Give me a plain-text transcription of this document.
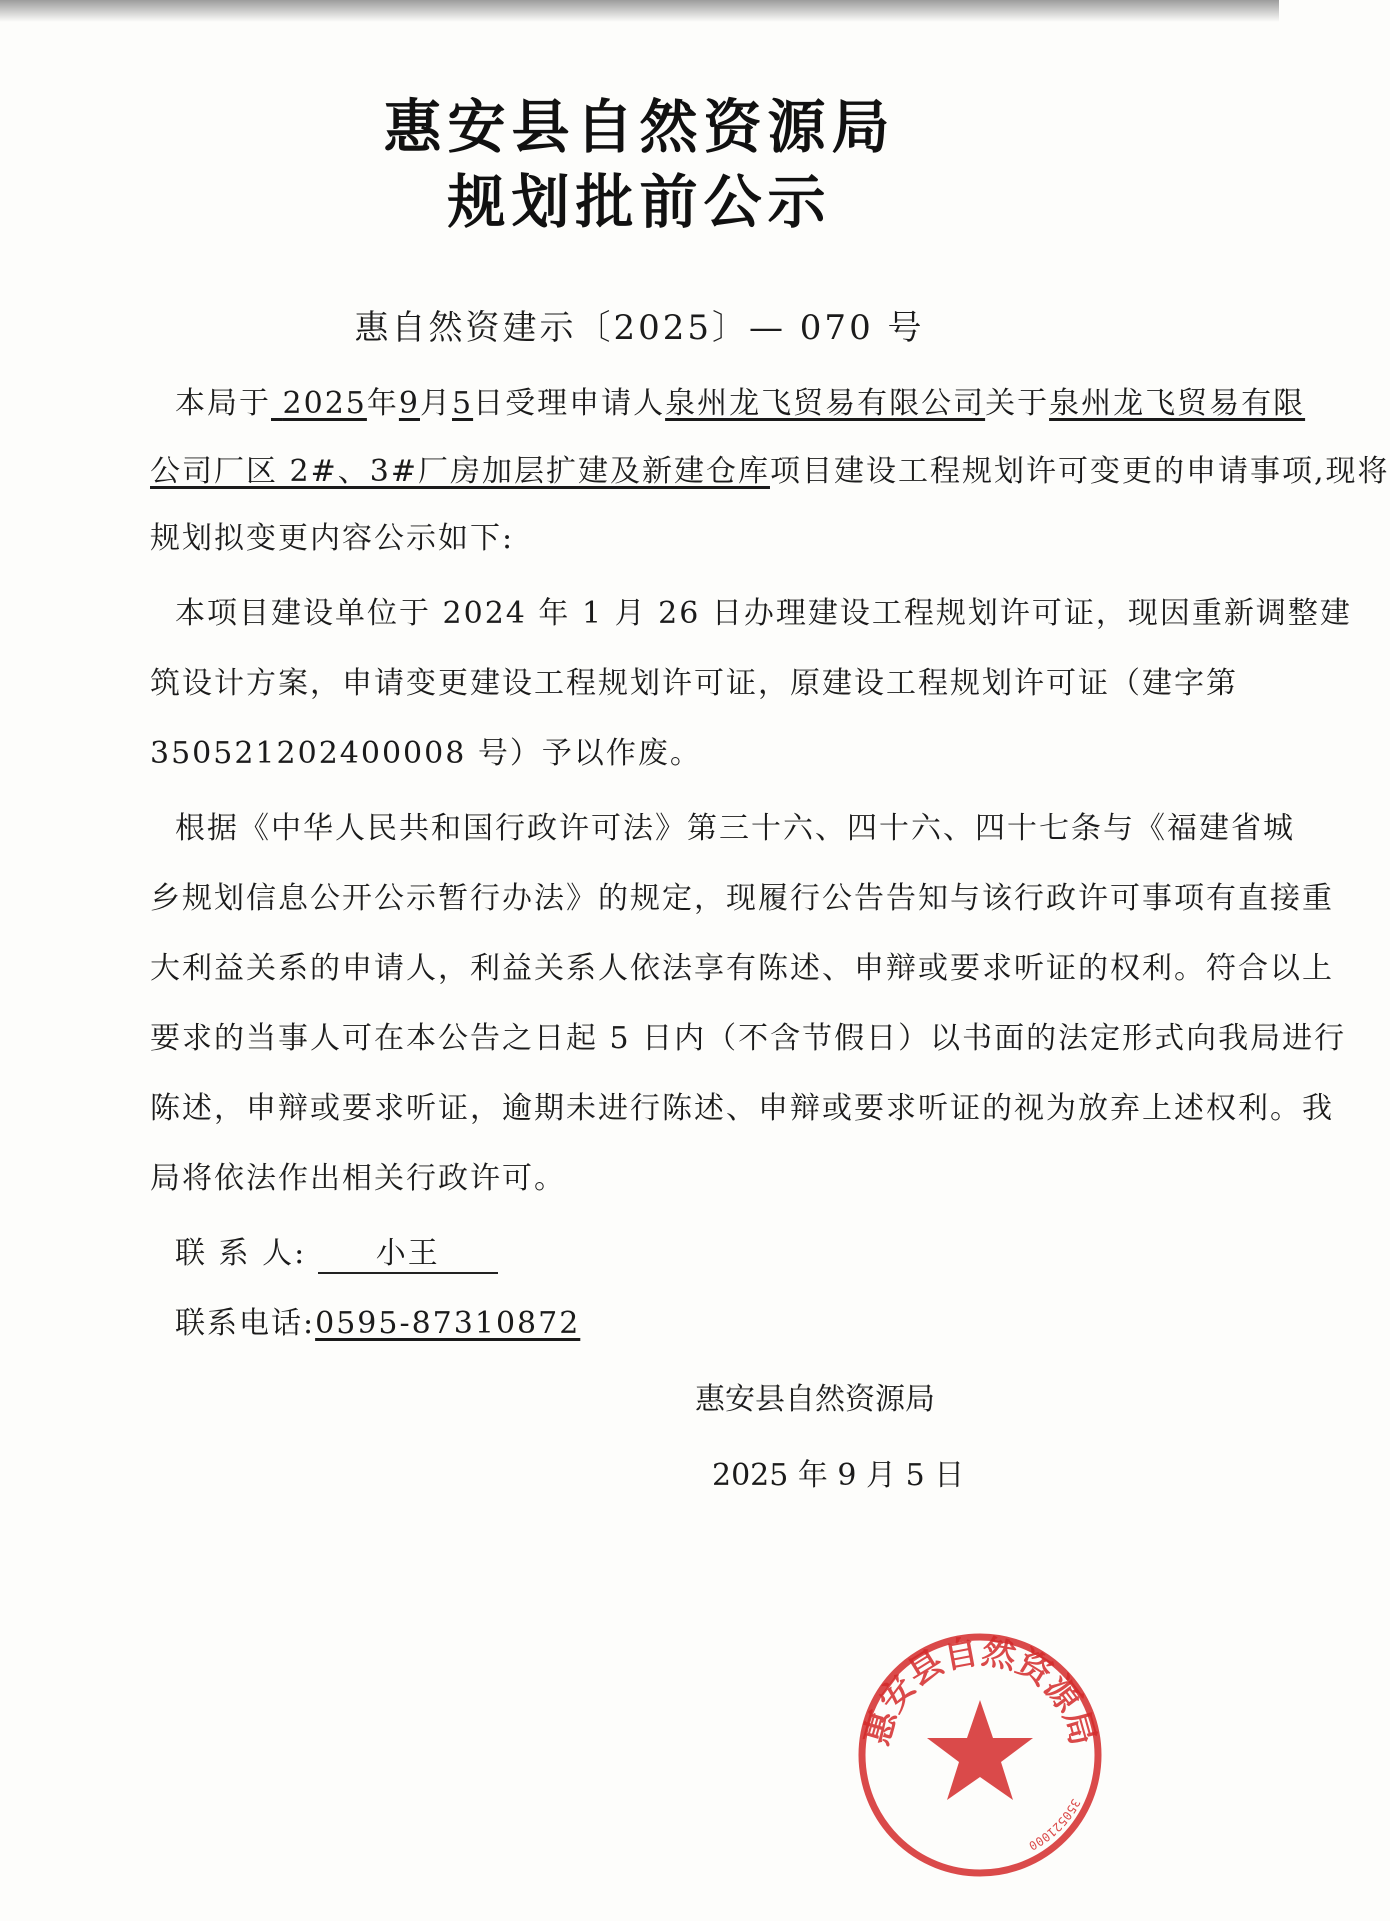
惠安县自然资源局
规划批前公示
惠自然资建示〔2025〕— 070 号
本局于 2025年9月5日受理申请人泉州龙飞贸易有限公司关于泉州龙飞贸易有限
公司厂区 2#、3#厂房加层扩建及新建仓库项目建设工程规划许可变更的申请事项,现将
规划拟变更内容公示如下:
本项目建设单位于 2024 年 1 月 26 日办理建设工程规划许可证，现因重新调整建
筑设计方案，申请变更建设工程规划许可证，原建设工程规划许可证（建字第
350521202400008 号）予以作废。
根据《中华人民共和国行政许可法》第三十六、四十六、四十七条与《福建省城
乡规划信息公开公示暂行办法》的规定，现履行公告告知与该行政许可事项有直接重
大利益关系的申请人，利益关系人依法享有陈述、申辩或要求听证的权利。符合以上
要求的当事人可在本公告之日起 5 日内（不含节假日）以书面的法定形式向我局进行
陈述，申辩或要求听证，逾期未进行陈述、申辩或要求听证的视为放弃上述权利。我
局将依法作出相关行政许可。
联 系 人: 小王
联系电话:0595-87310872
惠安县自然资源局
350521000
惠安县自然资源局
2025 年 9 月 5 日
